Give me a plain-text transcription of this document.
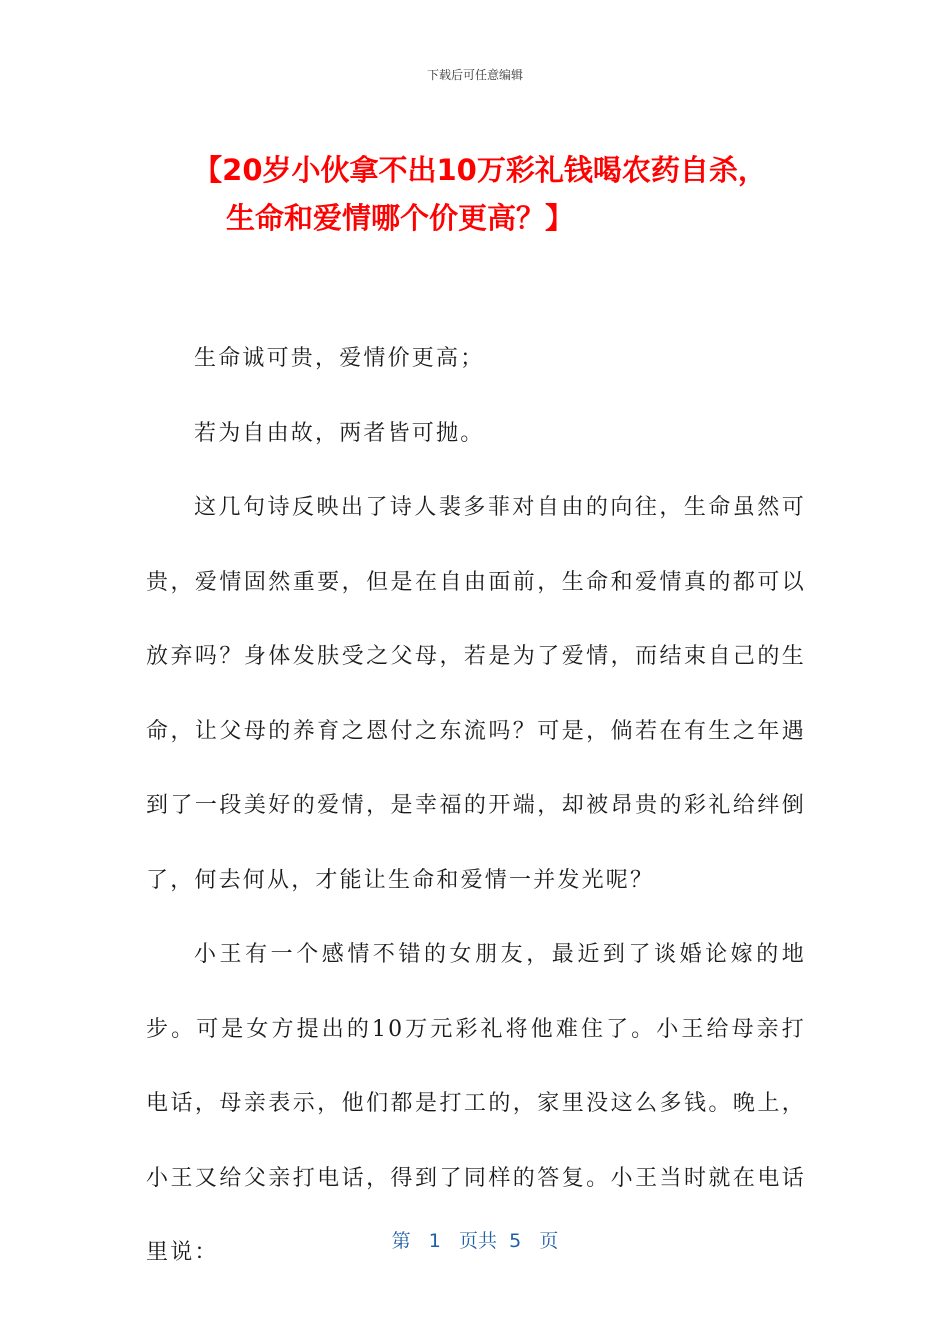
下载后可任意编辑
【20岁小伙拿不出10万彩礼钱喝农药自杀，
生命和爱情哪个价更高？】

生命诚可贵，爱情价更高；

若为自由故，两者皆可抛。

这几句诗反映出了诗人裴多菲对自由的向往，生命虽然可贵，爱情固然重要，但是在自由面前，生命和爱情真的都可以放弃吗？身体发肤受之父母，若是为了爱情，而结束自己的生命，让父母的养育之恩付之东流吗？可是，倘若在有生之年遇到了一段美好的爱情，是幸福的开端，却被昂贵的彩礼给绊倒了，何去何从，才能让生命和爱情一并发光呢？

小王有一个感情不错的女朋友，最近到了谈婚论嫁的地步。可是女方提出的10万元彩礼将他难住了。小王给母亲打电话，母亲表示，他们都是打工的，家里没这么多钱。晚上，小王又给父亲打电话，得到了同样的答复。小王当时就在电话里说：	第 1 页共 5 页
